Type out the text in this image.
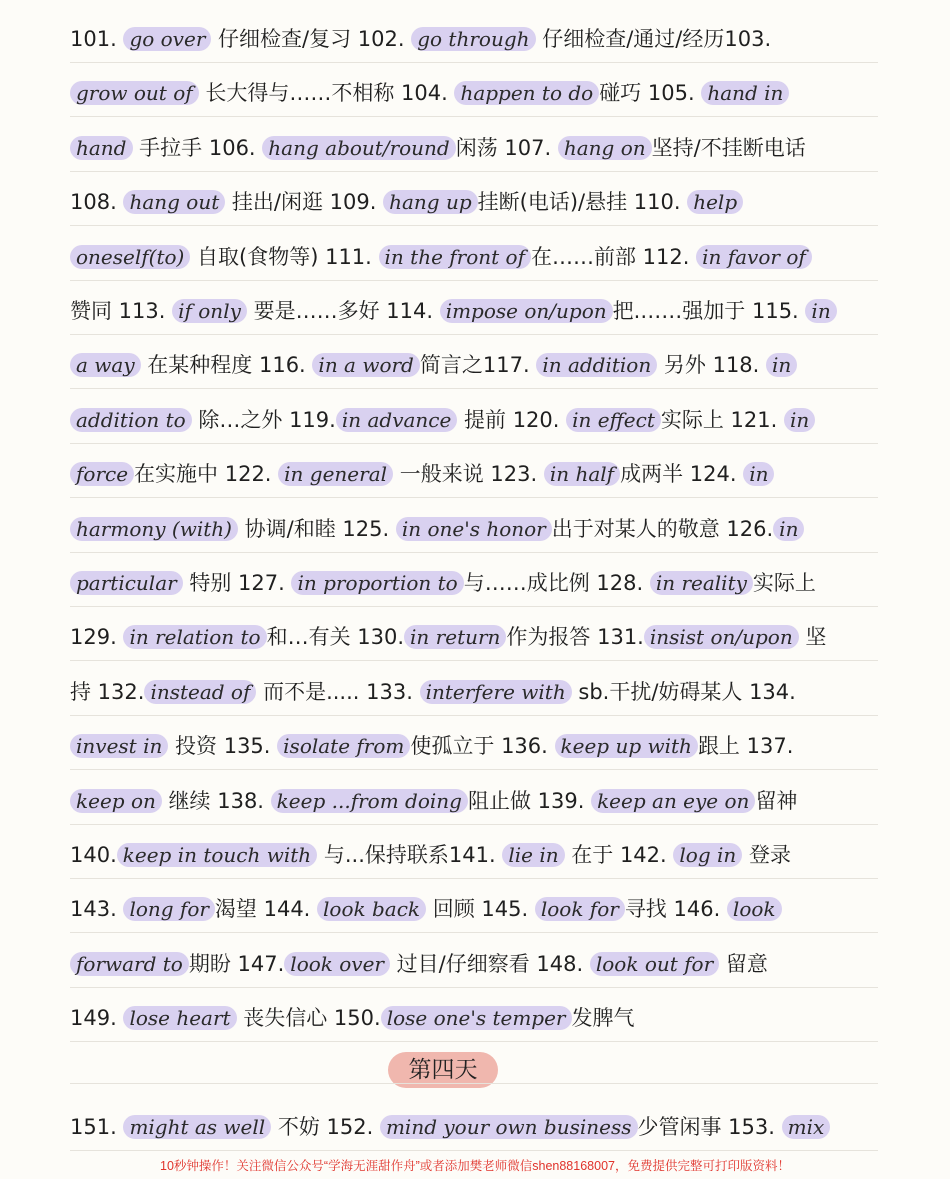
101. go over 仔细检查/复习 102. go through 仔细检查/通过/经历103.
grow out of 长大得与……不相称 104. happen to do 碰巧 105. hand in
hand 手拉手 106. hang about/round 闲荡 107. hang on 坚持/不挂断电话
108. hang out 挂出/闲逛 109. hang up 挂断(电话)/悬挂 110. help
oneself(to) 自取(食物等) 111. in the front of 在……前部 112. in favor of
赞同 113. if only 要是……多好 114. impose on/upon 把.……强加于 115. in
a way 在某种程度 116. in a word 简言之117. in addition 另外 118. in
addition to 除…之外 119. in advance 提前 120. in effect 实际上 121. in
force 在实施中 122. in general 一般来说 123. in half 成两半 124. in
harmony (with) 协调/和睦 125. in one's honor 出于对某人的敬意 126. in
particular 特别 127. in proportion to 与……成比例 128. in reality 实际上
129. in relation to 和…有关 130. in return 作为报答 131. insist on/upon 坚
持 132. instead of 而不是..... 133. interfere with sb.干扰/妨碍某人 134.
invest in 投资 135. isolate from 使孤立于 136. keep up with 跟上 137.
keep on 继续 138. keep ...from doing 阻止做 139. keep an eye on 留神
140. keep in touch with 与...保持联系141. lie in 在于 142. log in 登录
143. long for 渴望 144. look back 回顾 145. look for 寻找 146. look
forward to 期盼 147. look over 过目/仔细察看 148. look out for 留意
149. lose heart 丧失信心 150. lose one's temper 发脾气
第四天
151. might as well 不妨 152. mind your own business 少管闲事 153. mix
10秒钟操作！关注微信公众号“学海无涯甜作舟”或者添加樊老师微信shen88168007，免费提供完整可打印版资料！
